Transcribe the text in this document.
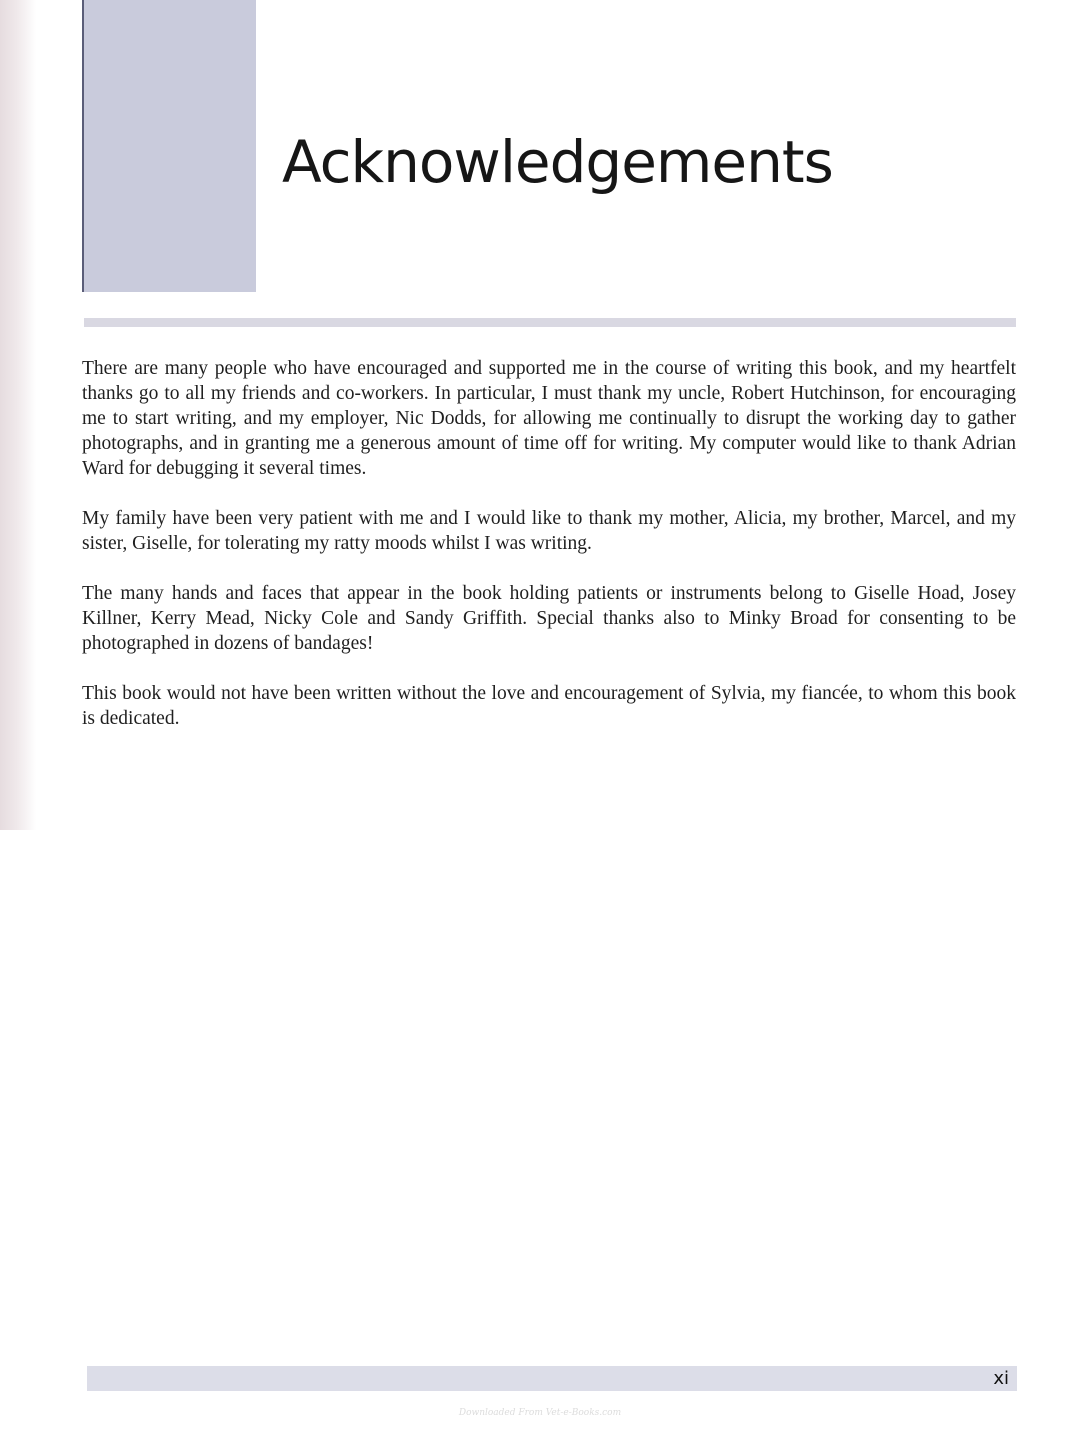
Acknowledgements

There are many people who have encouraged and supported me in the course of writing this book, and my heartfelt thanks go to all my friends and co-workers. In particular, I must thank my uncle, Robert Hutchinson, for encouraging me to start writing, and my employer, Nic Dodds, for allowing me continually to disrupt the working day to gather photographs, and in granting me a generous amount of time off for writing. My computer would like to thank Adrian Ward for debugging it several times.

My family have been very patient with me and I would like to thank my mother, Alicia, my brother, Marcel, and my sister, Giselle, for tolerating my ratty moods whilst I was writing.

The many hands and faces that appear in the book holding patients or instruments belong to Giselle Hoad, Josey Killner, Kerry Mead, Nicky Cole and Sandy Griffith. Special thanks also to Minky Broad for consenting to be photographed in dozens of bandages!

This book would not have been written without the love and encouragement of Sylvia, my fiancée, to whom this book is dedicated.

xi
Downloaded From Vet-e-Books.com
